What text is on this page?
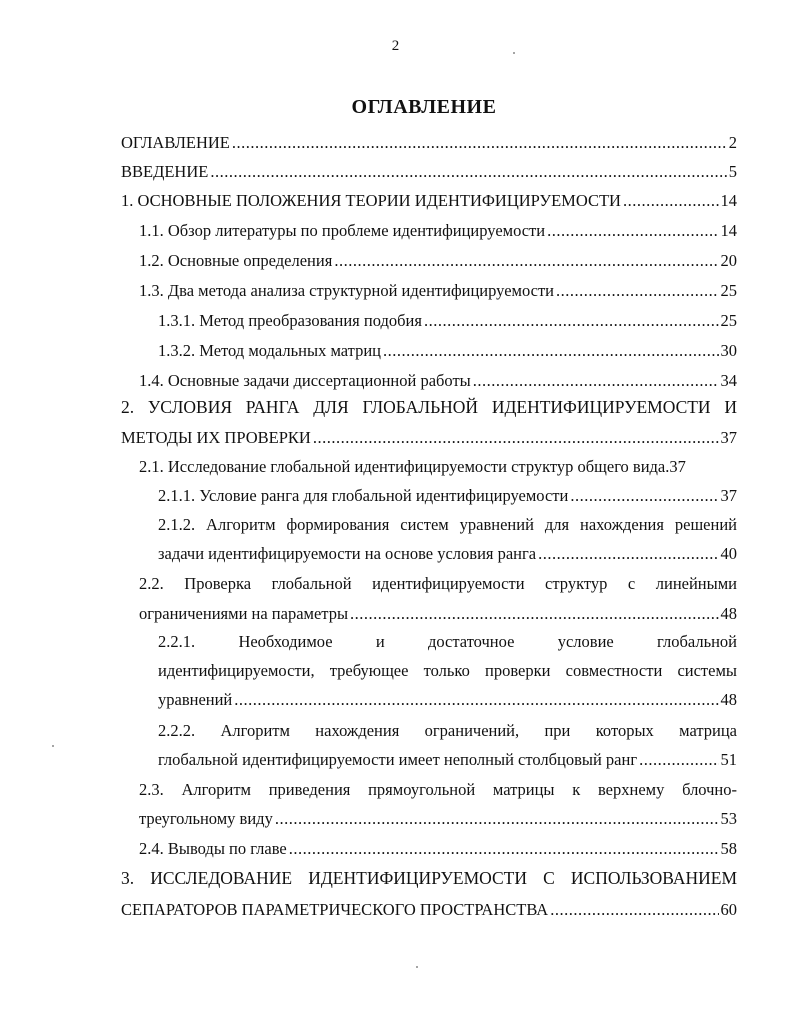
2
ОГЛАВЛЕНИЕ
ОГЛАВЛЕНИЕ .....	2
ВВЕДЕНИЕ .....	5
1. ОСНОВНЫЕ ПОЛОЖЕНИЯ ТЕОРИИ ИДЕНТИФИЦИРУЕМОСТИ .....	14
1.1. Обзор литературы по проблеме идентифицируемости .....	14
1.2. Основные определения .....	20
1.3. Два метода анализа структурной идентифицируемости .....	25
1.3.1. Метод преобразования подобия .....	25
1.3.2. Метод модальных матриц .....	30
1.4. Основные задачи диссертационной работы .....	34
2. УСЛОВИЯ РАНГА ДЛЯ ГЛОБАЛЬНОЙ ИДЕНТИФИЦИРУЕМОСТИ И
МЕТОДЫ ИХ ПРОВЕРКИ .....	37
2.1. Исследование глобальной идентифицируемости структур общего вида. 37
2.1.1. Условие ранга для глобальной идентифицируемости .....	37
2.1.2. Алгоритм формирования систем уравнений для нахождения решений
задачи идентифицируемости на основе условия ранга .....	40
2.2. Проверка глобальной идентифицируемости структур с линейными
ограничениями на параметры .....	48
2.2.1. Необходимое и достаточное условие глобальной
идентифицируемости, требующее только проверки совместности системы
уравнений .....	48
2.2.2. Алгоритм нахождения ограничений, при которых матрица
глобальной идентифицируемости имеет неполный столбцовый ранг .....	51
2.3. Алгоритм приведения прямоугольной матрицы к верхнему блочно-
треугольному виду .....	53
2.4. Выводы по главе .....	58
3. ИССЛЕДОВАНИЕ ИДЕНТИФИЦИРУЕМОСТИ С ИСПОЛЬЗОВАНИЕМ
СЕПАРАТОРОВ ПАРАМЕТРИЧЕСКОГО ПРОСТРАНСТВА .....	60
